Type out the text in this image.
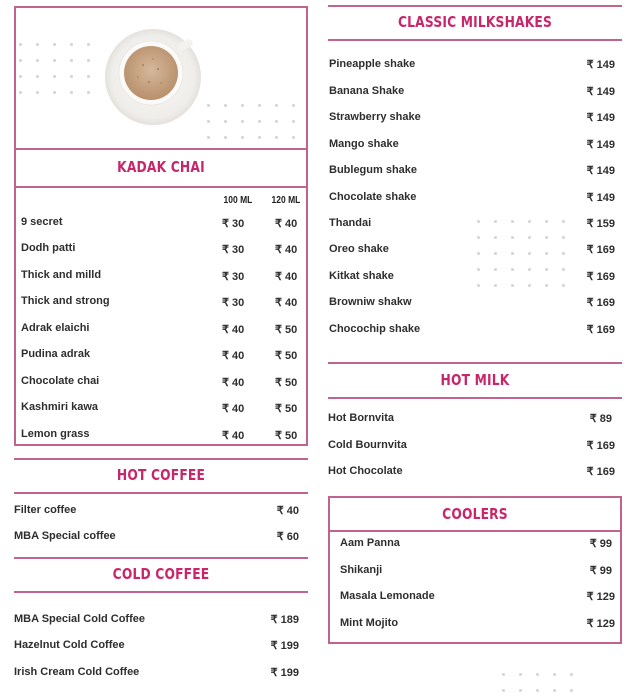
KADAK CHAI
100 ML 120 ML
9 secret	₹ 30	₹ 40
Dodh patti	₹ 30	₹ 40
Thick and milld	₹ 30	₹ 40
Thick and strong	₹ 30	₹ 40
Adrak elaichi	₹ 40	₹ 50
Pudina adrak	₹ 40	₹ 50
Chocolate chai	₹ 40	₹ 50
Kashmiri kawa	₹ 40	₹ 50
Lemon grass	₹ 40	₹ 50
HOT COFFEE
Filter coffee	₹ 40
MBA Special coffee	₹ 60
COLD COFFEE
MBA Special Cold Coffee	₹ 189
Hazelnut Cold Coffee	₹ 199
Irish Cream Cold Coffee	₹ 199
CLASSIC MILKSHAKES
Pineapple shake	₹ 149
Banana Shake	₹ 149
Strawberry shake	₹ 149
Mango shake	₹ 149
Bublegum shake	₹ 149
Chocolate shake	₹ 149
Thandai	₹ 159
Oreo shake	₹ 169
Kitkat shake	₹ 169
Browniw shakw	₹ 169
Chocochip shake	₹ 169
HOT MILK
Hot Bornvita	₹ 89
Cold Bournvita	₹ 169
Hot Chocolate	₹ 169
COOLERS
Aam Panna	₹ 99
Shikanji	₹ 99
Masala Lemonade	₹ 129
Mint Mojito	₹ 129
